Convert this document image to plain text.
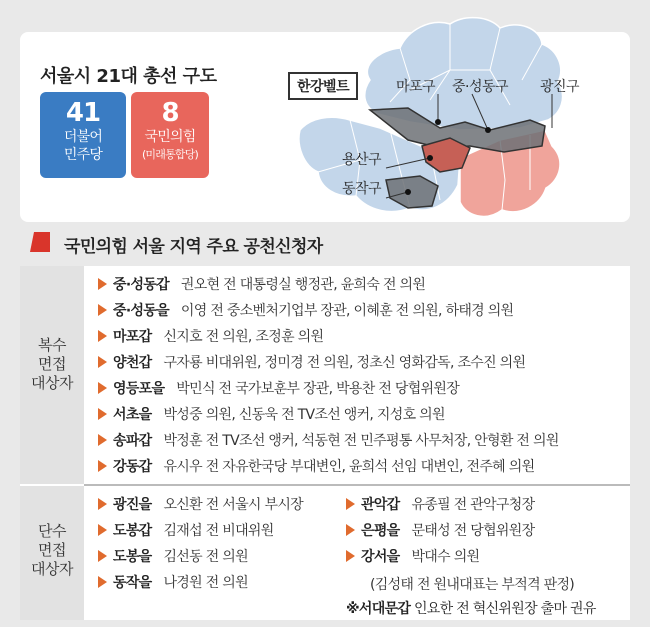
서울시 21대 총선 구도
41
더불어
민주당
8
국민의힘
(미래통합당)
한강벨트	마포구 중·성동구 광진구
용산구
동작구
국민의힘 서울 지역 주요 공천신청자
복수
면접
대상자
단수
면접
대상자
중·성동갑 권오현 전 대통령실 행정관, 윤희숙 전 의원
중·성동을 이영 전 중소벤처기업부 장관, 이혜훈 전 의원, 하태경 의원
마포갑 신지호 전 의원, 조정훈 의원
양천갑 구자룡 비대위원, 정미경 전 의원, 정초신 영화감독, 조수진 의원
영등포을 박민식 전 국가보훈부 장관, 박용찬 전 당협위원장
서초을 박성중 의원, 신동욱 전 TV조선 앵커, 지성호 의원
송파갑 박정훈 전 TV조선 앵커, 석동현 전 민주평통 사무처장, 안형환 전 의원
강동갑 유시우 전 자유한국당 부대변인, 윤희석 선임 대변인, 전주혜 의원
광진을 오신환 전 서울시 부시장
도봉갑 김재섭 전 비대위원
도봉을 김선동 전 의원
동작을 나경원 전 의원
관악갑 유종필 전 관악구청장
은평을 문태성 전 당협위원장
강서을 박대수 의원
(김성태 전 원내대표는 부적격 판정)
※서대문갑 인요한 전 혁신위원장 출마 권유
